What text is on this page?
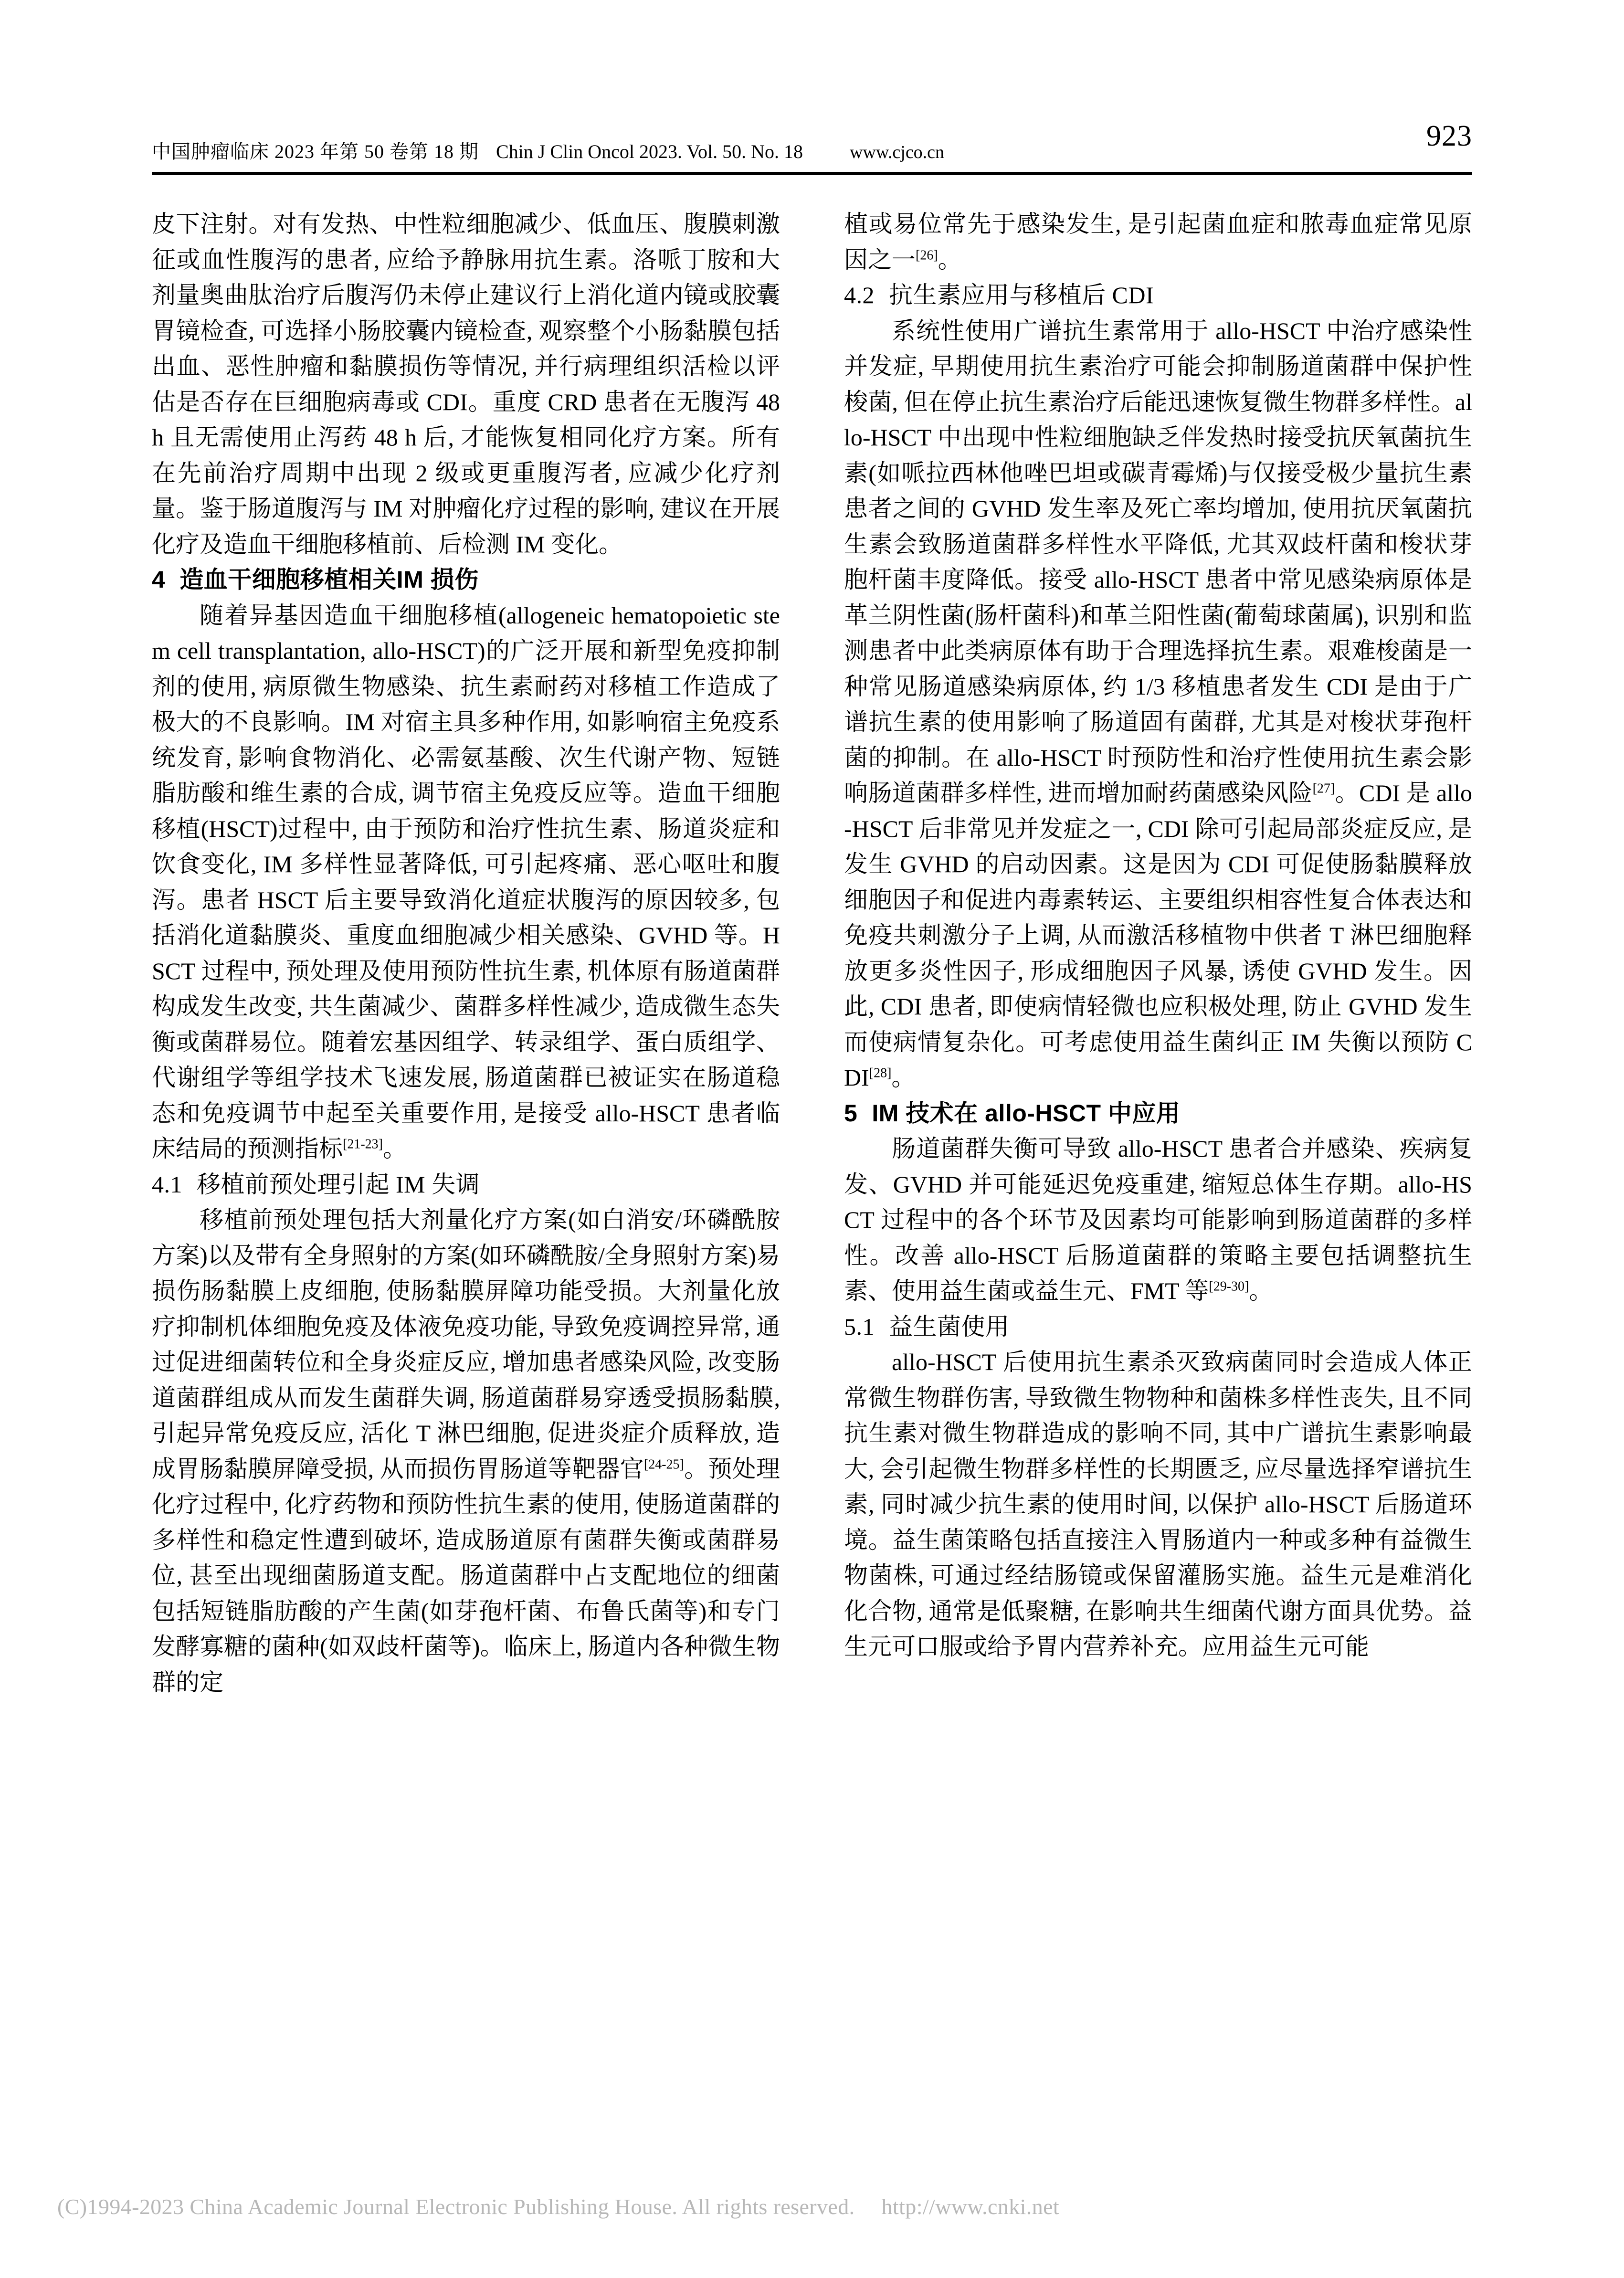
中国肿瘤临床 2023 年第 50 卷第 18 期 Chin J Clin Oncol 2023. Vol. 50. No. 18	www.cjco.cn	923

皮下注射。对有发热、中性粒细胞减少、低血压、腹膜刺激征或血性腹泻的患者, 应给予静脉用抗生素。洛哌丁胺和大剂量奥曲肽治疗后腹泻仍未停止建议行上消化道内镜或胶囊胃镜检查, 可选择小肠胶囊内镜检查, 观察整个小肠黏膜包括出血、恶性肿瘤和黏膜损伤等情况, 并行病理组织活检以评估是否存在巨细胞病毒或 CDI。重度 CRD 患者在无腹泻 48 h 且无需使用止泻药 48 h 后, 才能恢复相同化疗方案。所有在先前治疗周期中出现 2 级或更重腹泻者, 应减少化疗剂量。鉴于肠道腹泻与 IM 对肿瘤化疗过程的影响, 建议在开展化疗及造血干细胞移植前、后检测 IM 变化。

4 造血干细胞移植相关IM 损伤

随着异基因造血干细胞移植(allogeneic hematopoietic stem cell transplantation, allo-HSCT)的广泛开展和新型免疫抑制剂的使用, 病原微生物感染、抗生素耐药对移植工作造成了极大的不良影响。IM 对宿主具多种作用, 如影响宿主免疫系统发育, 影响食物消化、必需氨基酸、次生代谢产物、短链脂肪酸和维生素的合成, 调节宿主免疫反应等。造血干细胞移植(HSCT)过程中, 由于预防和治疗性抗生素、肠道炎症和饮食变化, IM 多样性显著降低, 可引起疼痛、恶心呕吐和腹泻。患者 HSCT 后主要导致消化道症状腹泻的原因较多, 包括消化道黏膜炎、重度血细胞减少相关感染、GVHD 等。HSCT 过程中, 预处理及使用预防性抗生素, 机体原有肠道菌群构成发生改变, 共生菌减少、菌群多样性减少, 造成微生态失衡或菌群易位。随着宏基因组学、转录组学、蛋白质组学、代谢组学等组学技术飞速发展, 肠道菌群已被证实在肠道稳态和免疫调节中起至关重要作用, 是接受 allo-HSCT 患者临床结局的预测指标[21-23]。

4.1 移植前预处理引起 IM 失调

移植前预处理包括大剂量化疗方案(如白消安/环磷酰胺方案)以及带有全身照射的方案(如环磷酰胺/全身照射方案)易损伤肠黏膜上皮细胞, 使肠黏膜屏障功能受损。大剂量化放疗抑制机体细胞免疫及体液免疫功能, 导致免疫调控异常, 通过促进细菌转位和全身炎症反应, 增加患者感染风险, 改变肠道菌群组成从而发生菌群失调, 肠道菌群易穿透受损肠黏膜, 引起异常免疫反应, 活化 T 淋巴细胞, 促进炎症介质释放, 造成胃肠黏膜屏障受损, 从而损伤胃肠道等靶器官[24-25]。预处理化疗过程中, 化疗药物和预防性抗生素的使用, 使肠道菌群的多样性和稳定性遭到破坏, 造成肠道原有菌群失衡或菌群易位, 甚至出现细菌肠道支配。肠道菌群中占支配地位的细菌包括短链脂肪酸的产生菌(如芽孢杆菌、布鲁氏菌等)和专门发酵寡糖的菌种(如双歧杆菌等)。临床上, 肠道内各种微生物群的定

植或易位常先于感染发生, 是引起菌血症和脓毒血症常见原因之一[26]。

4.2 抗生素应用与移植后 CDI

系统性使用广谱抗生素常用于 allo-HSCT 中治疗感染性并发症, 早期使用抗生素治疗可能会抑制肠道菌群中保护性梭菌, 但在停止抗生素治疗后能迅速恢复微生物群多样性。allo-HSCT 中出现中性粒细胞缺乏伴发热时接受抗厌氧菌抗生素(如哌拉西林他唑巴坦或碳青霉烯)与仅接受极少量抗生素患者之间的 GVHD 发生率及死亡率均增加, 使用抗厌氧菌抗生素会致肠道菌群多样性水平降低, 尤其双歧杆菌和梭状芽胞杆菌丰度降低。接受 allo-HSCT 患者中常见感染病原体是革兰阴性菌(肠杆菌科)和革兰阳性菌(葡萄球菌属), 识别和监测患者中此类病原体有助于合理选择抗生素。艰难梭菌是一种常见肠道感染病原体, 约 1/3 移植患者发生 CDI 是由于广谱抗生素的使用影响了肠道固有菌群, 尤其是对梭状芽孢杆菌的抑制。在 allo-HSCT 时预防性和治疗性使用抗生素会影响肠道菌群多样性, 进而增加耐药菌感染风险[27]。CDI 是 allo-HSCT 后非常见并发症之一, CDI 除可引起局部炎症反应, 是发生 GVHD 的启动因素。这是因为 CDI 可促使肠黏膜释放细胞因子和促进内毒素转运、主要组织相容性复合体表达和免疫共刺激分子上调, 从而激活移植物中供者 T 淋巴细胞释放更多炎性因子, 形成细胞因子风暴, 诱使 GVHD 发生。因此, CDI 患者, 即使病情轻微也应积极处理, 防止 GVHD 发生而使病情复杂化。可考虑使用益生菌纠正 IM 失衡以预防 CDI[28]。

5 IM 技术在 allo-HSCT 中应用

肠道菌群失衡可导致 allo-HSCT 患者合并感染、疾病复发、GVHD 并可能延迟免疫重建, 缩短总体生存期。allo-HSCT 过程中的各个环节及因素均可能影响到肠道菌群的多样性。改善 allo-HSCT 后肠道菌群的策略主要包括调整抗生素、使用益生菌或益生元、FMT 等[29-30]。

5.1 益生菌使用

allo-HSCT 后使用抗生素杀灭致病菌同时会造成人体正常微生物群伤害, 导致微生物物种和菌株多样性丧失, 且不同抗生素对微生物群造成的影响不同, 其中广谱抗生素影响最大, 会引起微生物群多样性的长期匮乏, 应尽量选择窄谱抗生素, 同时减少抗生素的使用时间, 以保护 allo-HSCT 后肠道环境。益生菌策略包括直接注入胃肠道内一种或多种有益微生物菌株, 可通过经结肠镜或保留灌肠实施。益生元是难消化化合物, 通常是低聚糖, 在影响共生细菌代谢方面具优势。益生元可口服或给予胃内营养补充。应用益生元可能

(C)1994-2023 China Academic Journal Electronic Publishing House. All rights reserved. http://www.cnki.net
